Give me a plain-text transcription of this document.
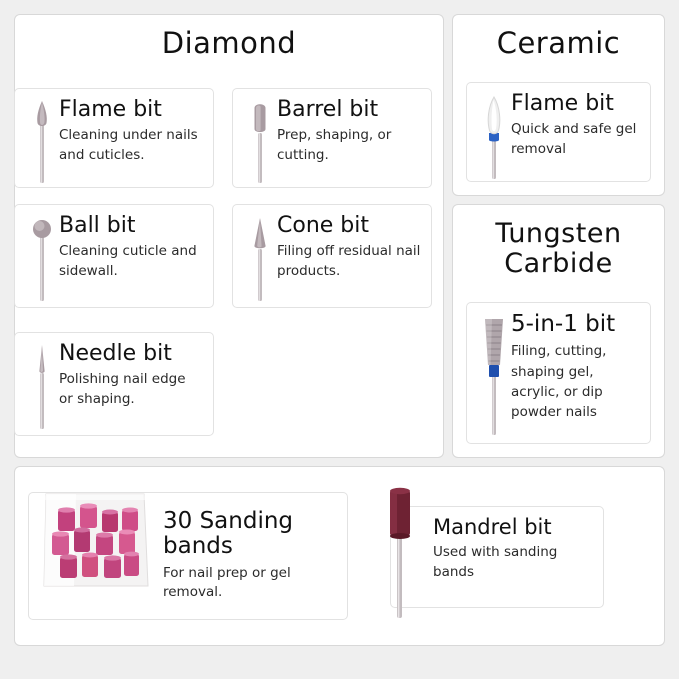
Diamond

Flame bit

Cleaning under nails and cuticles.

Barrel bit

Prep, shaping, or cutting.

Ball bit

Cleaning cuticle and sidewall.

Cone bit

Filing off residual nail products.

Needle bit

Polishing nail edge or shaping.

Ceramic

Flame bit

Quick and safe gel removal

Tungsten Carbide

5-in-1 bit

Filing, cutting, shaping gel, acrylic, or dip powder nails

30 Sanding bands

For nail prep or gel removal.

Mandrel bit

Used with sanding bands
